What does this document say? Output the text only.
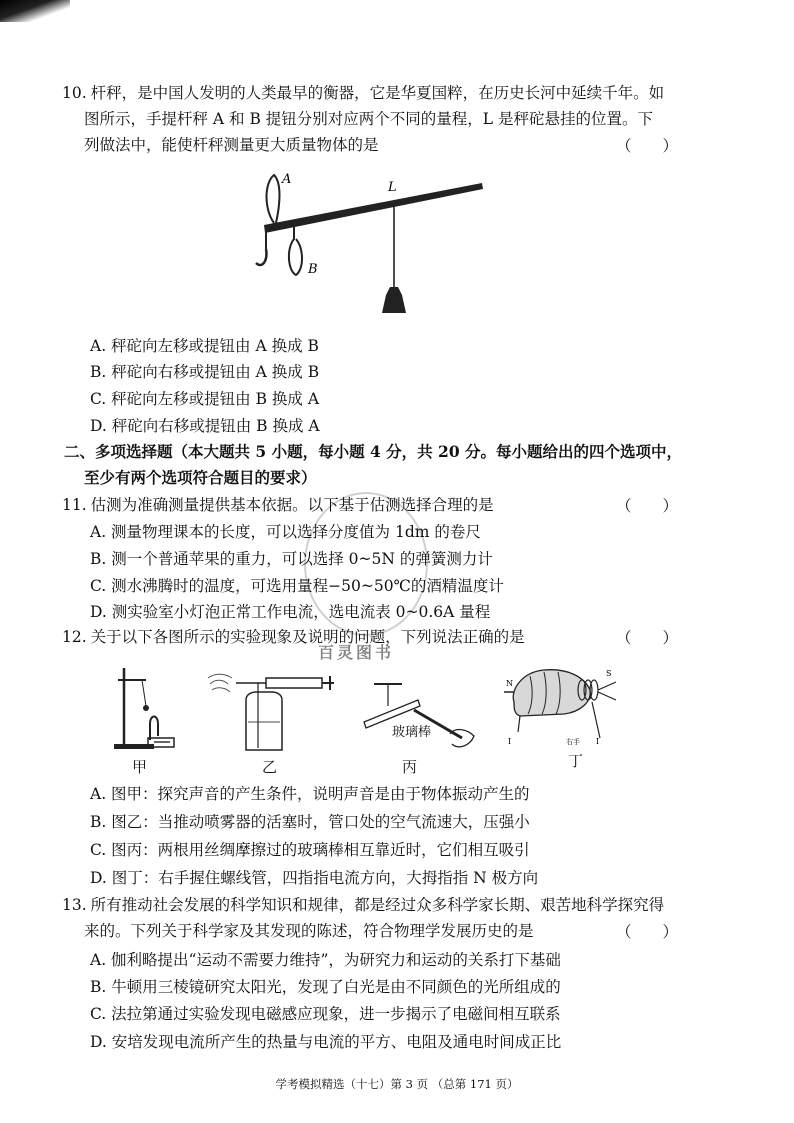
10. 杆秤，是中国人发明的人类最早的衡器，它是华夏国粹，在历史长河中延续千年。如
图所示，手提杆秤 A 和 B 提钮分别对应两个不同的量程，L 是秤砣悬挂的位置。下
列做法中，能使杆秤测量更大质量物体的是	（　　）
A
B
L
A. 秤砣向左移或提钮由 A 换成 B
B. 秤砣向右移或提钮由 A 换成 B
C. 秤砣向左移或提钮由 B 换成 A
D. 秤砣向右移或提钮由 B 换成 A
二、多项选择题（本大题共 5 小题，每小题 4 分，共 20 分。每小题给出的四个选项中，
至少有两个选项符合题目的要求）
百灵图书
11. 估测为准确测量提供基本依据。以下基于估测选择合理的是	（　　）
A. 测量物理课本的长度，可以选择分度值为 1dm 的卷尺
B. 测一个普通苹果的重力，可以选择 0~5N 的弹簧测力计
C. 测水沸腾时的温度，可选用量程−50~50℃的酒精温度计
D. 测实验室小灯泡正常工作电流，选电流表 0~0.6A 量程
12. 关于以下各图所示的实验现象及说明的问题，下列说法正确的是	（　　）
甲	乙
玻璃棒
丙
N
S
I	右手 I
丁
A. 图甲：探究声音的产生条件，说明声音是由于物体振动产生的
B. 图乙：当推动喷雾器的活塞时，管口处的空气流速大，压强小
C. 图丙：两根用丝绸摩擦过的玻璃棒相互靠近时，它们相互吸引
D. 图丁：右手握住螺线管，四指指电流方向，大拇指指 N 极方向
13. 所有推动社会发展的科学知识和规律，都是经过众多科学家长期、艰苦地科学探究得
来的。下列关于科学家及其发现的陈述，符合物理学发展历史的是	（　　）
A. 伽利略提出“运动不需要力维持”，为研究力和运动的关系打下基础
B. 牛顿用三棱镜研究太阳光，发现了白光是由不同颜色的光所组成的
C. 法拉第通过实验发现电磁感应现象，进一步揭示了电磁间相互联系
D. 安培发现电流所产生的热量与电流的平方、电阻及通电时间成正比
学考模拟精选（十七）第 3 页 （总第 171 页）
